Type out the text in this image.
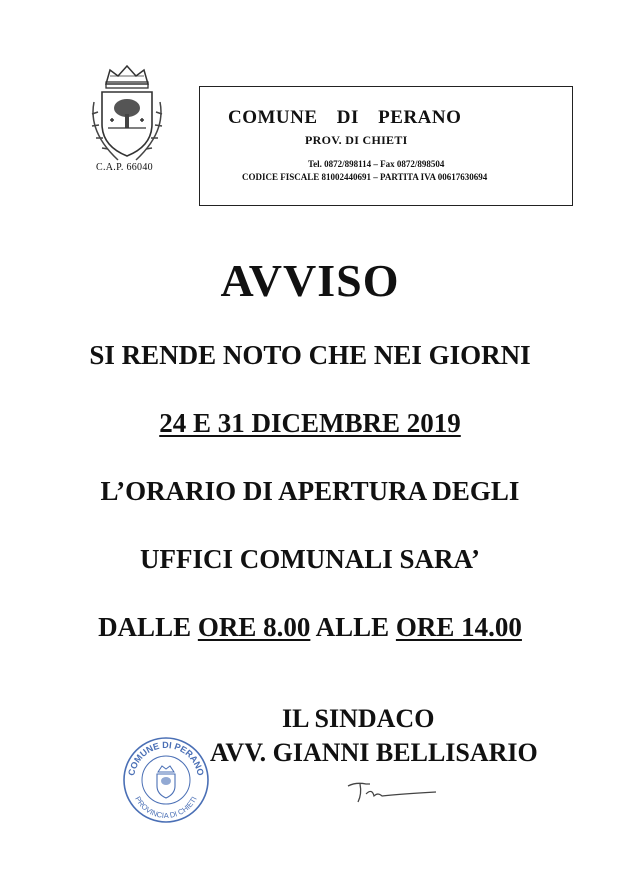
C.A.P. 66040
COMUNE DI PERANO
PROV. DI CHIETI
Tel. 0872/898114 – Fax 0872/898504
CODICE FISCALE 81002440691 – PARTITA IVA 00617630694
AVVISO
SI RENDE NOTO CHE NEI GIORNI
24 E 31 DICEMBRE 2019
L’ORARIO DI APERTURA DEGLI
UFFICI COMUNALI SARA’
DALLE ORE 8.00 ALLE ORE 14.00
IL SINDACO
AVV. GIANNI BELLISARIO
COMUNE DI PERANO
PROVINCIA DI CHIETI
